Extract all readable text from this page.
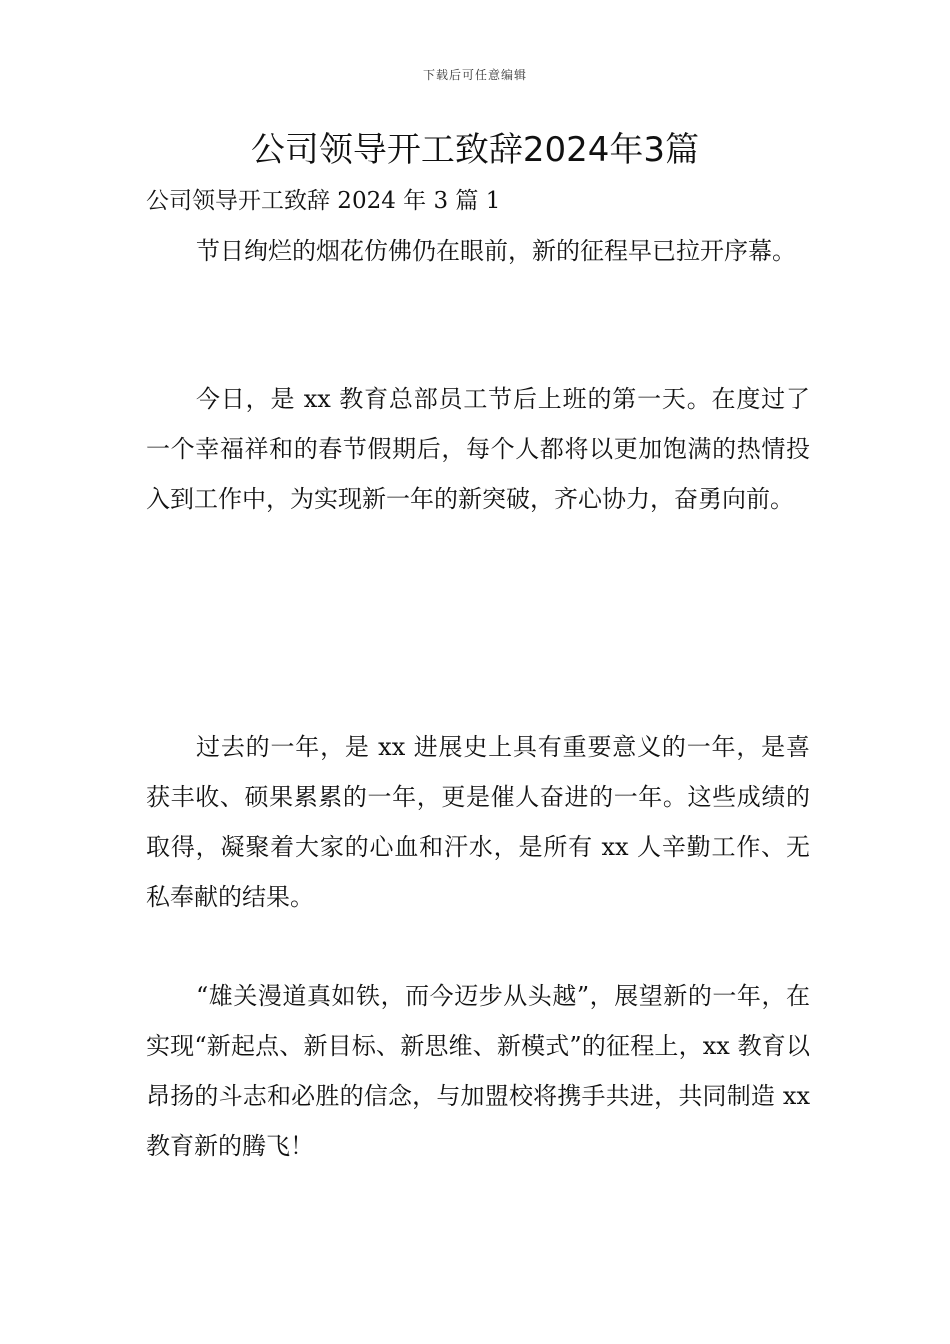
下载后可任意编辑
公司领导开工致辞2024年3篇

公司领导开工致辞 2024 年 3 篇 1

节日绚烂的烟花仿佛仍在眼前，新的征程早已拉开序幕。

今日，是 xx 教育总部员工节后上班的第一天。在度过了一个幸福祥和的春节假期后，每个人都将以更加饱满的热情投入到工作中，为实现新一年的新突破，齐心协力，奋勇向前。

过去的一年，是 xx 进展史上具有重要意义的一年，是喜获丰收、硕果累累的一年，更是催人奋进的一年。这些成绩的取得，凝聚着大家的心血和汗水，是所有 xx 人辛勤工作、无私奉献的结果。

“雄关漫道真如铁，而今迈步从头越”，展望新的一年，在实现“新起点、新目标、新思维、新模式”的征程上，xx 教育以昂扬的斗志和必胜的信念，与加盟校将携手共进，共同制造 xx 教育新的腾飞！
